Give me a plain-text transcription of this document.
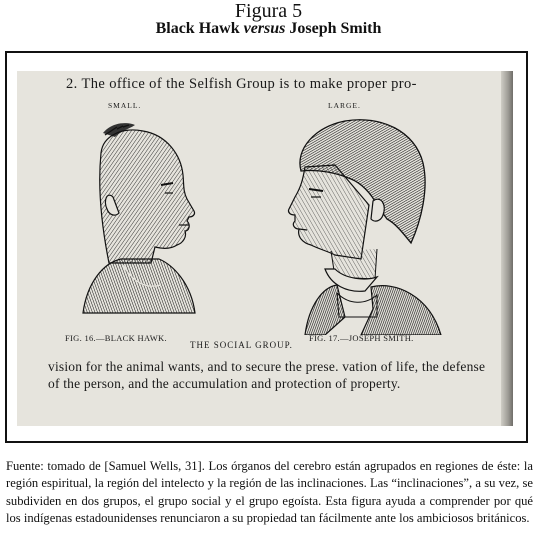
Figura 5
Black Hawk versus Joseph Smith
2. The office of the Selfish Group is to make proper pro-
SMALL.	LARGE.
FIG. 16.—BLACK HAWK.	FIG. 17.—JOSEPH SMITH.
THE SOCIAL GROUP.
vision for the animal wants, and to secure the prese. vation of life, the defense of the person, and the accumulation and protection of property.
Fuente: tomado de [Samuel Wells, 31]. Los órganos del cerebro están agrupados en regiones de éste: la región espiritual, la región del intelecto y la región de las inclinaciones. Las “inclinaciones”, a su vez, se subdividen en dos grupos, el grupo social y el grupo egoísta. Esta figura ayuda a comprender por qué los indígenas estadounidenses renunciaron a su propiedad tan fácilmente ante los ambiciosos británicos.
